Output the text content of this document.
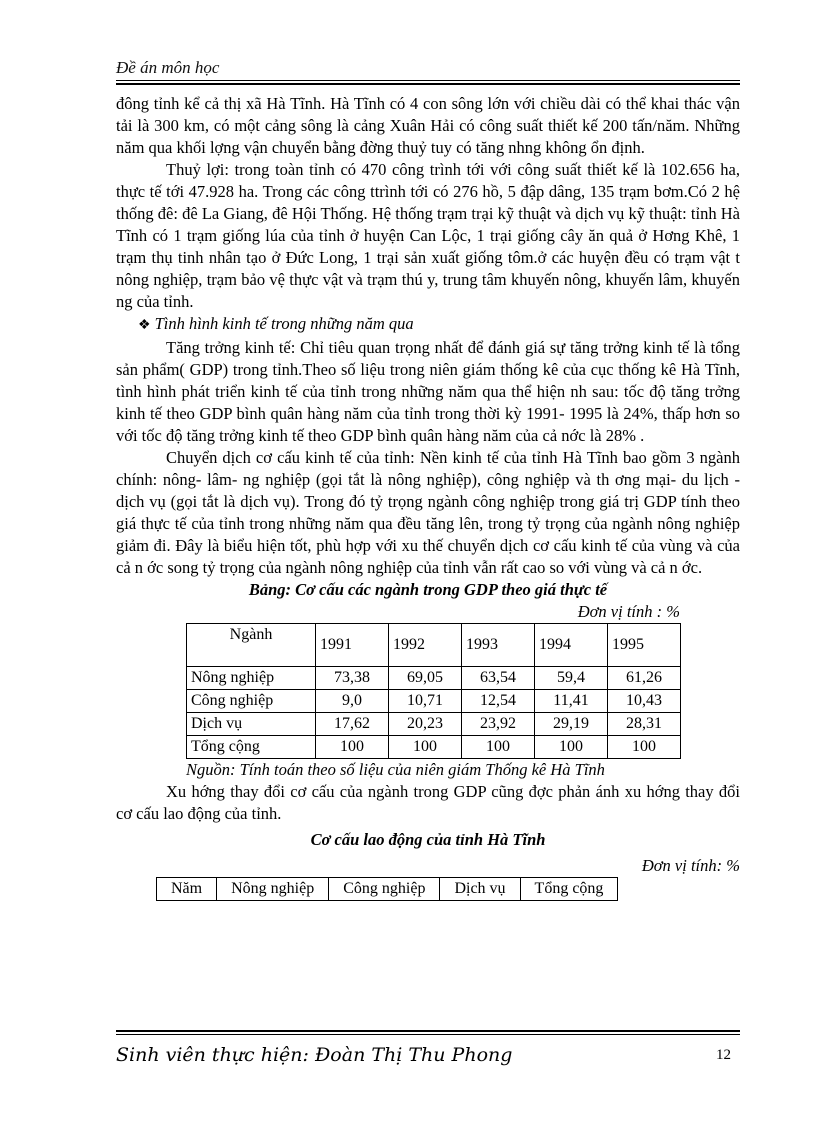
Đề án môn học

đông tỉnh kể cả thị xã Hà Tĩnh. Hà Tĩnh có 4 con sông lớn với chiều dài có thể khai thác vận tải là 300 km, có một cảng sông là cảng Xuân Hải có công suất thiết kế 200 tấn/năm. Những năm qua khối lợng vận chuyển bằng đờng thuỷ tuy có tăng nhng không ổn định.

Thuỷ lợi: trong toàn tỉnh có 470 công trình tới với công suất thiết kế là 102.656 ha, thực tế tới 47.928 ha. Trong các công ttrình tới có 276 hồ, 5 đập dâng, 135 trạm bơm.Có 2 hệ thống đê: đê La Giang, đê Hội Thống. Hệ thống trạm trại kỹ thuật và dịch vụ kỹ thuật: tỉnh Hà Tĩnh có 1 trạm giống lúa của tỉnh ở huyện Can Lộc, 1 trại giống cây ăn quả ở Hơng Khê, 1 trạm thụ tinh nhân tạo ở Đức Long, 1 trại sản xuất giống tôm.ở các huyện đều có trạm vật t nông nghiệp, trạm bảo vệ thực vật và trạm thú y, trung tâm khuyến nông, khuyến lâm, khuyến ng của tỉnh.

❖ Tình hình kinh tế trong những năm qua

Tăng trởng kinh tế: Chỉ tiêu quan trọng nhất để đánh giá sự tăng trởng kinh tế là tổng sản phẩm( GDP) trong tỉnh.Theo số liệu trong niên giám thống kê của cục thống kê Hà Tĩnh, tình hình phát triển kinh tế của tỉnh trong những năm qua thể hiện nh sau: tốc độ tăng trởng kinh tế theo GDP bình quân hàng năm của tỉnh trong thời kỳ 1991- 1995 là 24%, thấp hơn so với tốc độ tăng trởng kinh tế theo GDP bình quân hàng năm của cả nớc là 28% .

Chuyển dịch cơ cấu kinh tế của tỉnh: Nền kinh tế của tỉnh Hà Tĩnh bao gồm 3 ngành chính: nông- lâm- ng nghiệp (gọi tắt là nông nghiệp), công nghiệp và th ơng mại- du lịch - dịch vụ (gọi tắt là dịch vụ). Trong đó tỷ trọng ngành công nghiệp trong giá trị GDP tính theo giá thực tế của tỉnh trong những năm qua đều tăng lên, trong tỷ trọng của ngành nông nghiệp giảm đi. Đây là biểu hiện tốt, phù hợp với xu thế chuyển dịch cơ cấu kinh tế của vùng và của cả n ớc song tỷ trọng của ngành nông nghiệp của tỉnh vẫn rất cao so với vùng và cả n ớc.

Bảng: Cơ cấu các ngành trong GDP theo giá thực tế

Đơn vị tính : %

Ngành	1991	1992	1993	1994	1995
Nông nghiệp	73,38	69,05	63,54	59,4	61,26
Công nghiệp	9,0	10,71	12,54	11,41	10,43
Dịch vụ	17,62	20,23	23,92	29,19	28,31
Tổng cộng	100	100	100	100	100

Nguồn: Tính toán theo số liệu của niên giám Thống kê Hà Tĩnh

Xu hớng thay đổi cơ cấu của ngành trong GDP cũng đợc phản ánh xu hớng thay đổi cơ cấu lao động của tỉnh.

Cơ cấu lao động của tỉnh Hà Tĩnh

Đơn vị tính: %

Năm	Nông nghiệp	Công nghiệp	Dịch vụ	Tổng cộng
Sinh viên thực hiện: Đoàn Thị Thu Phong	12
